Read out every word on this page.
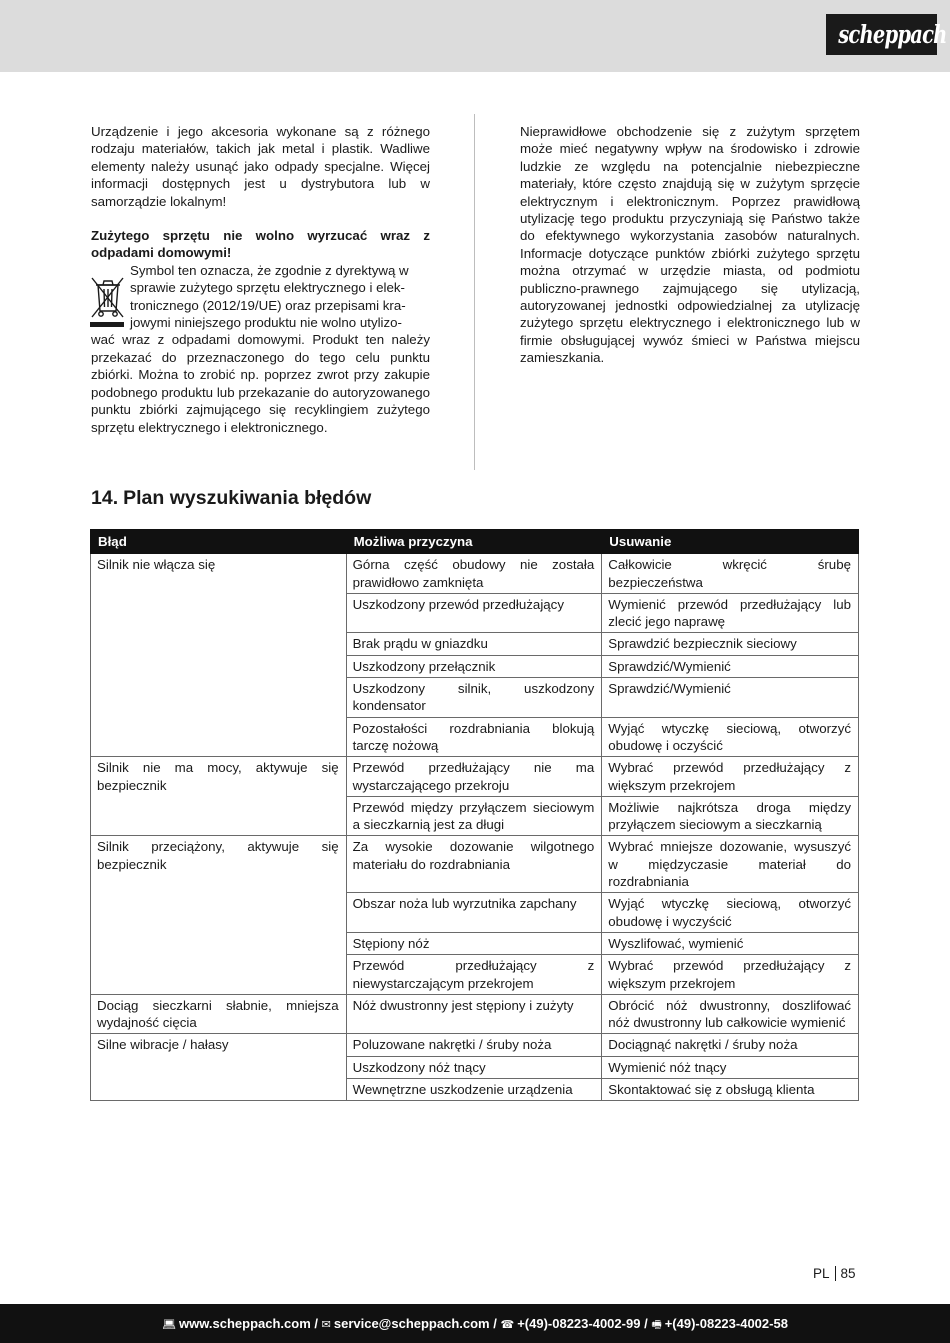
scheppach

Urządzenie i jego akcesoria wykonane są z różnego rodzaju materiałów, takich jak metal i plastik. Wadliwe elementy należy usunąć jako odpady specjalne. Więcej informacji dostępnych jest u dystrybutora lub w samorządzie lokalnym!

Zużytego sprzętu nie wolno wyrzucać wraz z odpadami domowymi!

Symbol ten oznacza, że zgodnie z dyrektywą w
sprawie zużytego sprzętu elektrycznego i elek-
tronicznego (2012/19/UE) oraz przepisami kra-
jowymi niniejszego produktu nie wolno utylizo-

wać wraz z odpadami domowymi. Produkt ten należy przekazać do przeznaczonego do tego celu punktu zbiórki. Można to zrobić np. poprzez zwrot przy zakupie podobnego produktu lub przekazanie do autoryzowanego punktu zbiórki zajmującego się recyklingiem zużytego sprzętu elektrycznego i elektronicznego.

Nieprawidłowe obchodzenie się z zużytym sprzętem może mieć negatywny wpływ na środowisko i zdrowie ludzkie ze względu na potencjalnie niebezpieczne materiały, które często znajdują się w zużytym sprzęcie elektrycznym i elektronicznym. Poprzez prawidłową utylizację tego produktu przyczyniają się Państwo także do efektywnego wykorzystania zasobów naturalnych. Informacje dotyczące punktów zbiórki zużytego sprzętu można otrzymać w urzędzie miasta, od podmiotu publiczno-prawnego zajmującego się utylizacją, autoryzowanej jednostki odpowiedzialnej za utylizację zużytego sprzętu elektrycznego i elektronicznego lub w firmie obsługującej wywóz śmieci w Państwa miejscu zamieszkania.

14. Plan wyszukiwania błędów
Błąd	Możliwa przyczyna	Usuwanie
Silnik nie włącza się	Górna część obudowy nie została prawidłowo zamknięta	Całkowicie wkręcić śrubę bezpieczeństwa
	Uszkodzony przewód przedłużający	Wymienić przewód przedłużający lub zlecić jego naprawę
	Brak prądu w gniazdku	Sprawdzić bezpiecznik sieciowy
	Uszkodzony przełącznik	Sprawdzić/Wymienić
	Uszkodzony silnik, uszkodzony kondensator	Sprawdzić/Wymienić
	Pozostałości rozdrabniania blokują tarczę nożową	Wyjąć wtyczkę sieciową, otworzyć obudowę i oczyścić
Silnik nie ma mocy, aktywuje się bezpiecznik	Przewód przedłużający nie ma wystarczającego przekroju	Wybrać przewód przedłużający z większym przekrojem
	Przewód między przyłączem sieciowym a sieczkarnią jest za długi	Możliwie najkrótsza droga między przyłączem sieciowym a sieczkarnią
Silnik przeciążony, aktywuje się bezpiecznik	Za wysokie dozowanie wilgotnego materiału do rozdrabniania	Wybrać mniejsze dozowanie, wysuszyć w międzyczasie materiał do rozdrabniania
	Obszar noża lub wyrzutnika zapchany	Wyjąć wtyczkę sieciową, otworzyć obudowę i wyczyścić
	Stępiony nóż	Wyszlifować, wymienić
	Przewód przedłużający z niewystarczającym przekrojem	Wybrać przewód przedłużający z większym przekrojem
Dociąg sieczkarni słabnie, mniejsza wydajność cięcia	Nóż dwustronny jest stępiony i zużyty	Obrócić nóż dwustronny, doszlifować nóż dwustronny lub całkowicie wymienić
Silne wibracje / hałasy	Poluzowane nakrętki / śruby noża	Dociągnąć nakrętki / śruby noża
	Uszkodzony nóż tnący	Wymienić nóż tnący
	Wewnętrzne uszkodzenie urządzenia	Skontaktować się z obsługą klienta
PL 85
💻︎ www.scheppach.com / ✉︎ service@scheppach.com / ☎︎ +(49)-08223-4002-99 / 🖷︎ +(49)-08223-4002-58
